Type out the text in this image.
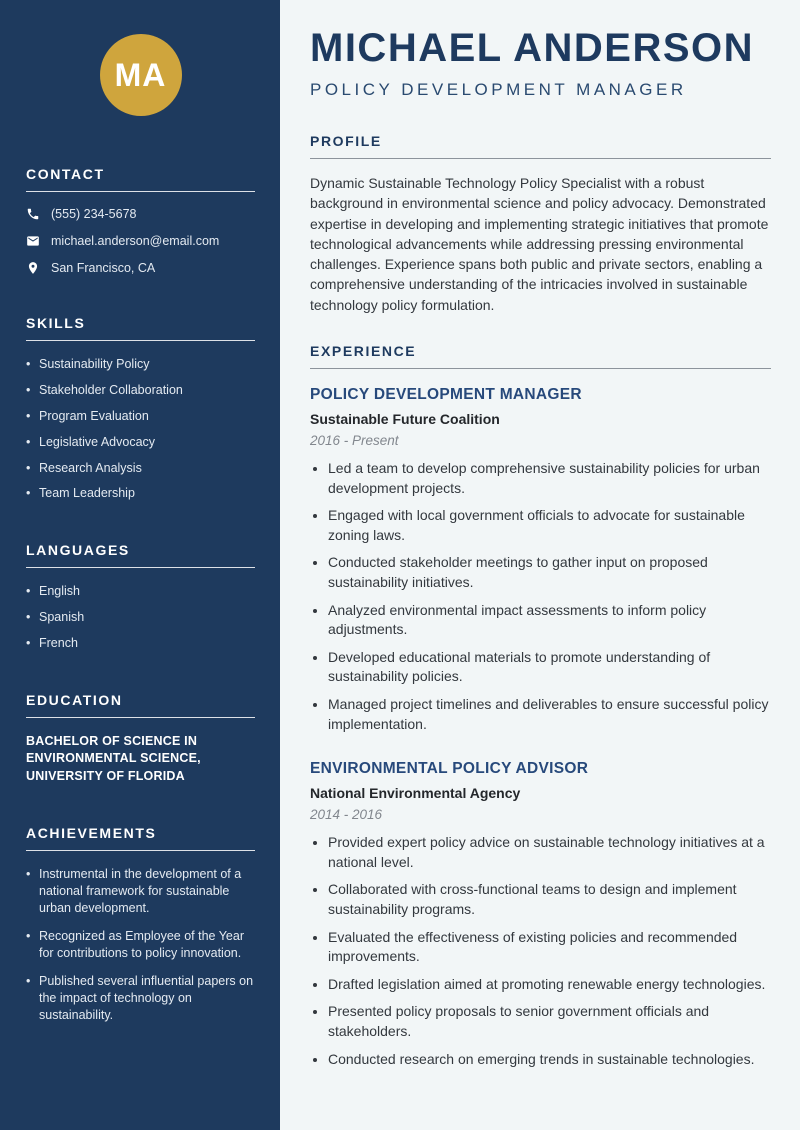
MA
CONTACT
(555) 234-5678
michael.anderson@email.com
San Francisco, CA
SKILLS
• Sustainability Policy
• Stakeholder Collaboration
• Program Evaluation
• Legislative Advocacy
• Research Analysis
• Team Leadership
LANGUAGES
• English
• Spanish
• French
EDUCATION

BACHELOR OF SCIENCE IN ENVIRONMENTAL SCIENCE, UNIVERSITY OF FLORIDA

ACHIEVEMENTS
• Instrumental in the development of a national framework for sustainable urban development.
• Recognized as Employee of the Year for contributions to policy innovation.
• Published several influential papers on the impact of technology on sustainability.
MICHAEL ANDERSON
POLICY DEVELOPMENT MANAGER
PROFILE

Dynamic Sustainable Technology Policy Specialist with a robust background in environmental science and policy advocacy. Demonstrated expertise in developing and implementing strategic initiatives that promote technological advancements while addressing pressing environmental challenges. Experience spans both public and private sectors, enabling a comprehensive understanding of the intricacies involved in sustainable technology policy formulation.

EXPERIENCE
POLICY DEVELOPMENT MANAGER
Sustainable Future Coalition
2016 - Present
• Led a team to develop comprehensive sustainability policies for urban development projects.
• Engaged with local government officials to advocate for sustainable zoning laws.
• Conducted stakeholder meetings to gather input on proposed sustainability initiatives.
• Analyzed environmental impact assessments to inform policy adjustments.
• Developed educational materials to promote understanding of sustainability policies.
• Managed project timelines and deliverables to ensure successful policy implementation.
ENVIRONMENTAL POLICY ADVISOR
National Environmental Agency
2014 - 2016
• Provided expert policy advice on sustainable technology initiatives at a national level.
• Collaborated with cross-functional teams to design and implement sustainability programs.
• Evaluated the effectiveness of existing policies and recommended improvements.
• Drafted legislation aimed at promoting renewable energy technologies.
• Presented policy proposals to senior government officials and stakeholders.
• Conducted research on emerging trends in sustainable technologies.
